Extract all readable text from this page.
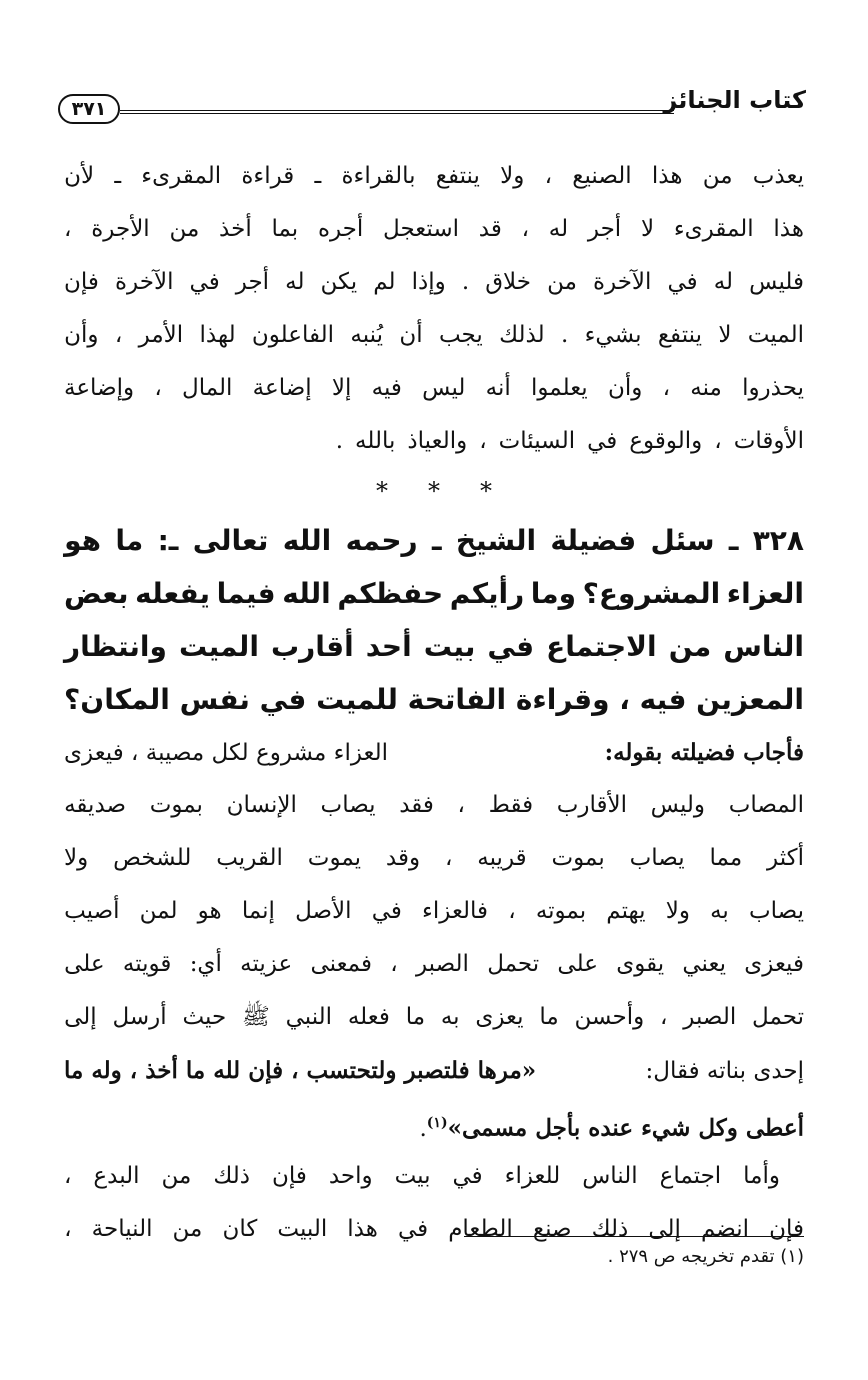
كتاب الجنائز
٣٧١
يعذب
من
هذا
الصنيع
،
ولا
ينتفع
بالقراءة
ـ
قراءة
المقرىء
ـ
لأن
هذا
المقرىء
لا
أجر
له
،
قد
استعجل
أجره
بما
أخذ
من
الأجرة
،
فليس
له
في
الآخرة
من
خلاق
.
وإذا
لم
يكن
له
أجر
في
الآخرة
فإن
الميت
لا
ينتفع
بشيء
.
لذلك
يجب
أن
يُنبه
الفاعلون
لهذا
الأمر
،
وأن
يحذروا
منه
،
وأن
يعلموا
أنه
ليس
فيه
إلا
إضاعة
المال
،
وإضاعة
الأوقات
،
والوقوع
في
السيئات
،
والعياذ
بالله
.
***
٣٢٨
ـ
سئل
فضيلة
الشيخ
ـ
رحمه
الله
تعالى
ـ:
ما
هو
العزاء
المشروع؟
وما
رأيكم
حفظكم
الله
فيما
يفعله
بعض
الناس
من
الاجتماع
في
بيت
أحد
أقارب
الميت
وانتظار
المعزين
فيه
،
وقراءة
الفاتحة
للميت
في
نفس
المكان؟
فأجاب فضيلته بقوله:
العزاء مشروع لكل مصيبة ، فيعزى
المصاب
وليس
الأقارب
فقط
،
فقد
يصاب
الإنسان
بموت
صديقه
أكثر
مما
يصاب
بموت
قريبه
،
وقد
يموت
القريب
للشخص
ولا
يصاب
به
ولا
يهتم
بموته
،
فالعزاء
في
الأصل
إنما
هو
لمن
أصيب
فيعزى
يعني
يقوى
على
تحمل
الصبر
،
فمعنى
عزيته
أي:
قويته
على
تحمل
الصبر
،
وأحسن
ما
يعزى
به
ما
فعله
النبي
ﷺ
حيث
أرسل
إلى
إحدى بناته فقال:
«مرها فلتصبر ولتحتسب ، فإن لله ما أخذ ، وله ما
أعطى وكل شيء عنده بأجل مسمى»$^{(١)}$
.
وأما
اجتماع
الناس
للعزاء
في
بيت
واحد
فإن
ذلك
من
البدع
،
فإن
انضم
إلى
ذلك
صنع
الطعام
في
هذا
البيت
كان
من
النياحة
،
(١) تقدم تخريجه ص ٢٧٩ .
